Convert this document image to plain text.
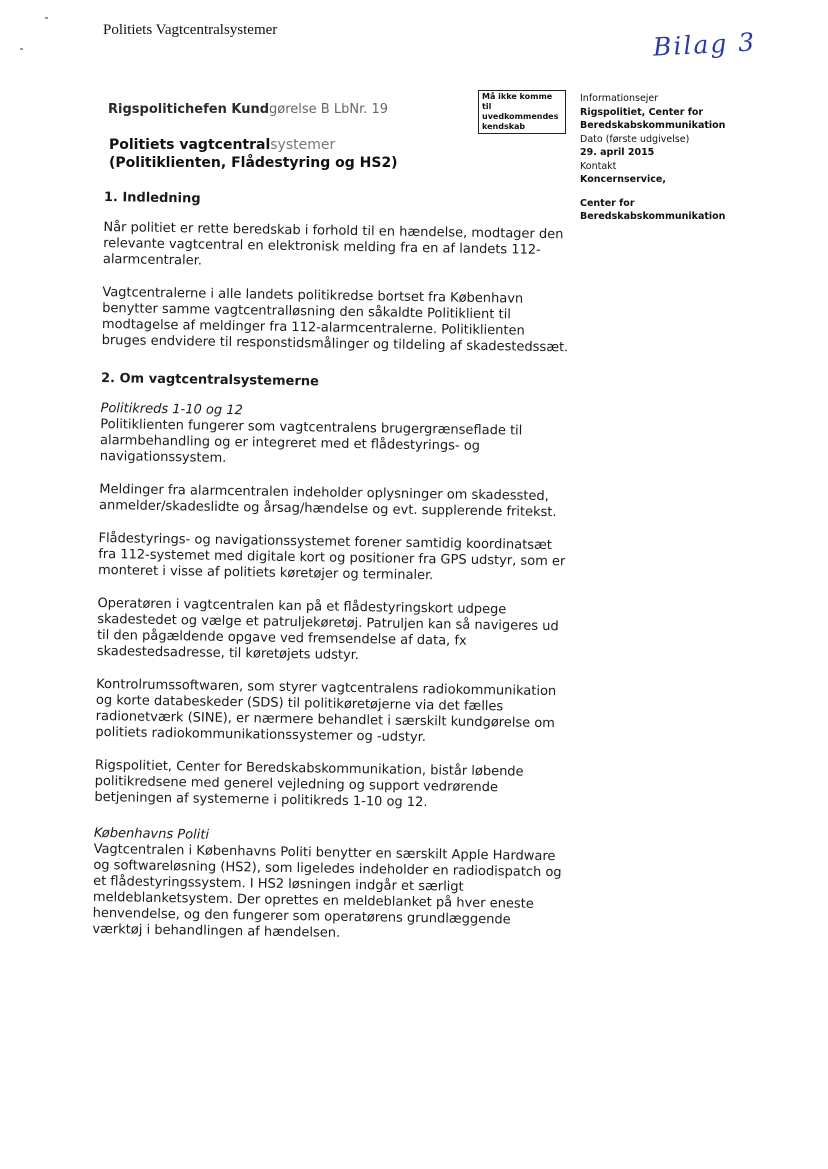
Politiets Vagtcentralsystemer	Bilag 3
Rigspolitichefen Kundgørelse B LbNr. 19
Må ikke komme til uvedkommendes kendskab
Informationsejer
Rigspolitiet, Center for Beredskabskommunikation
Dato (første udgivelse)
29. april 2015
Kontakt
Koncernservice,
Center for Beredskabskommunikation
Politiets vagtcentralsystemer
(Politiklienten, Flådestyring og HS2)
1. Indledning

Når politiet er rette beredskab i forhold til en hændelse, modtager den relevante vagtcentral en elektronisk melding fra en af landets 112-alarmcentraler.

Vagtcentralerne i alle landets politikredse bortset fra København benytter samme vagtcentralløsning den såkaldte Politiklient til modtagelse af meldinger fra 112-alarmcentralerne. Politiklienten bruges endvidere til responstidsmålinger og tildeling af skadestedssæt.

2. Om vagtcentralsystemerne
Politikreds 1-10 og 12

Politiklienten fungerer som vagtcentralens brugergrænseflade til alarmbehandling og er integreret med et flådestyrings- og navigationssystem.

Meldinger fra alarmcentralen indeholder oplysninger om skadessted, anmelder/skadeslidte og årsag/hændelse og evt. supplerende fritekst.

Flådestyrings- og navigationssystemet forener samtidig koordinatsæt fra 112-systemet med digitale kort og positioner fra GPS udstyr, som er monteret i visse af politiets køretøjer og terminaler.

Operatøren i vagtcentralen kan på et flådestyringskort udpege skadestedet og vælge et patruljekøretøj. Patruljen kan så navigeres ud til den pågældende opgave ved fremsendelse af data, fx skadestedsadresse, til køretøjets udstyr.

Kontrolrumssoftwaren, som styrer vagtcentralens radiokommunikation og korte databeskeder (SDS) til politikøretøjerne via det fælles radionetværk (SINE), er nærmere behandlet i særskilt kundgørelse om politiets radiokommunikationssystemer og -udstyr.

Rigspolitiet, Center for Beredskabskommunikation, bistår løbende politikredsene med generel vejledning og support vedrørende betjeningen af systemerne i politikreds 1-10 og 12.

Københavns Politi

Vagtcentralen i Københavns Politi benytter en særskilt Apple Hardware og softwareløsning (HS2), som ligeledes indeholder en radiodispatch og et flådestyringssystem. I HS2 løsningen indgår et særligt meldeblanketsystem. Der oprettes en meldeblanket på hver eneste henvendelse, og den fungerer som operatørens grundlæggende værktøj i behandlingen af hændelsen.
